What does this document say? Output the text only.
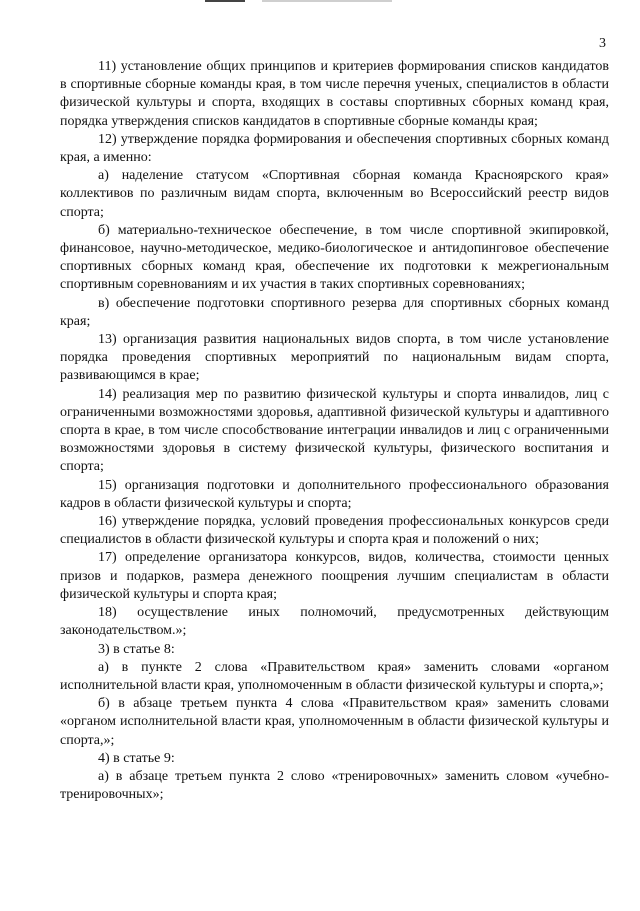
3

11) установление общих принципов и критериев формирования списков кандидатов в спортивные сборные команды края, в том числе перечня ученых, специалистов в области физической культуры и спорта, входящих в составы спортивных сборных команд края, порядка утверждения списков кандидатов в спортивные сборные команды края;

12) утверждение порядка формирования и обеспечения спортивных сборных команд края, а именно:

а) наделение статусом «Спортивная сборная команда Красноярского края» коллективов по различным видам спорта, включенным во Всероссийский реестр видов спорта;

б) материально-техническое обеспечение, в том числе спортивной экипировкой, финансовое, научно-методическое, медико-биологическое и антидопинговое обеспечение спортивных сборных команд края, обеспечение их подготовки к межрегиональным спортивным соревнованиям и их участия в таких спортивных соревнованиях;

в) обеспечение подготовки спортивного резерва для спортивных сборных команд края;

13) организация развития национальных видов спорта, в том числе установление порядка проведения спортивных мероприятий по национальным видам спорта, развивающимся в крае;

14) реализация мер по развитию физической культуры и спорта инвалидов, лиц с ограниченными возможностями здоровья, адаптивной физической культуры и адаптивного спорта в крае, в том числе способствование интеграции инвалидов и лиц с ограниченными возможностями здоровья в систему физической культуры, физического воспитания и спорта;

15) организация подготовки и дополнительного профессионального образования кадров в области физической культуры и спорта;

16) утверждение порядка, условий проведения профессиональных конкурсов среди специалистов в области физической культуры и спорта края и положений о них;

17) определение организатора конкурсов, видов, количества, стоимости ценных призов и подарков, размера денежного поощрения лучшим специалистам в области физической культуры и спорта края;

18) осуществление иных полномочий, предусмотренных действующим законодательством.»;

3) в статье 8:

а) в пункте 2 слова «Правительством края» заменить словами «органом исполнительной власти края, уполномоченным в области физической культуры и спорта,»;

б) в абзаце третьем пункта 4 слова «Правительством края» заменить словами «органом исполнительной власти края, уполномоченным в области физической культуры и спорта,»;

4) в статье 9:

а) в абзаце третьем пункта 2 слово «тренировочных» заменить словом «учебно-тренировочных»;
